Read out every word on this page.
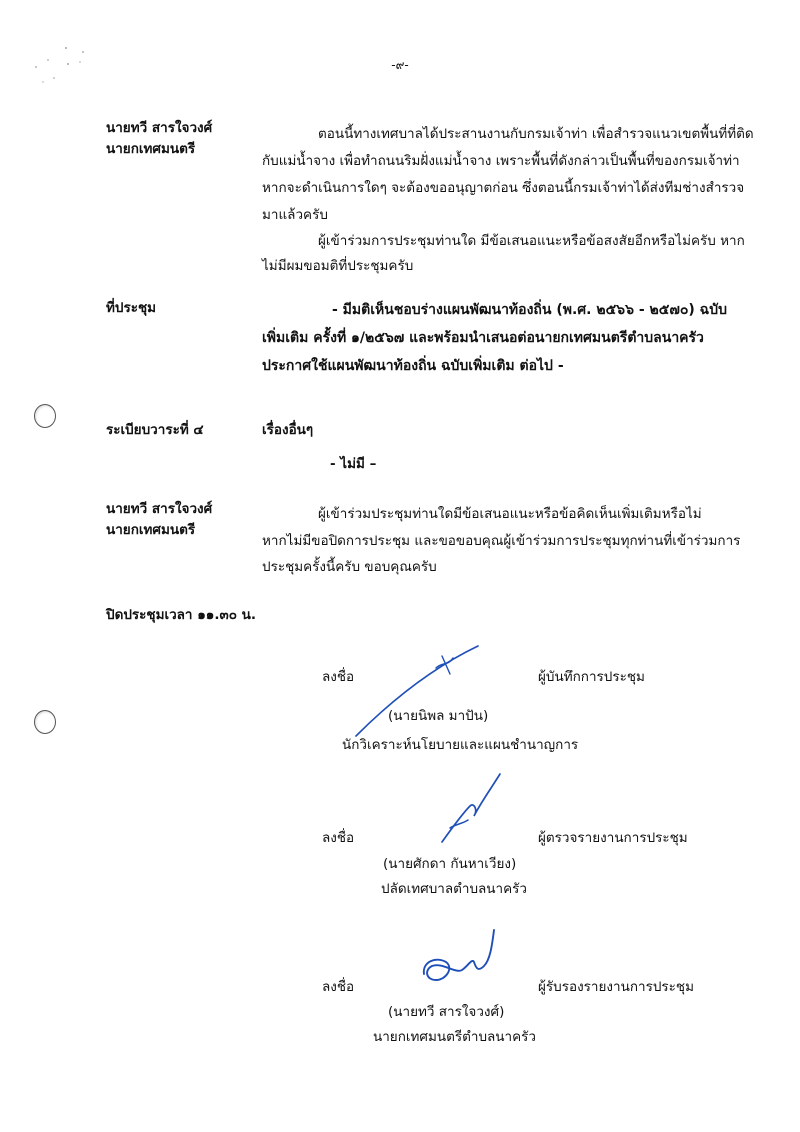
-๙-
นายทวี สารใจวงศ์
นายกเทศมนตรี
ตอนนี้ทางเทศบาลได้ประสานงานกับกรมเจ้าท่า เพื่อสำรวจแนวเขตพื้นที่ที่ติด
กับแม่น้ำจาง เพื่อทำถนนริมฝั่งแม่น้ำจาง เพราะพื้นที่ดังกล่าวเป็นพื้นที่ของกรมเจ้าท่า
หากจะดำเนินการใดๆ จะต้องขออนุญาตก่อน ซึ่งตอนนี้กรมเจ้าท่าได้ส่งทีมช่างสำรวจ
มาแล้วครับ
ผู้เข้าร่วมการประชุมท่านใด มีข้อเสนอแนะหรือข้อสงสัยอีกหรือไม่ครับ หาก
ไม่มีผมขอมติที่ประชุมครับ
ที่ประชุม	- มีมติเห็นชอบร่างแผนพัฒนาท้องถิ่น (พ.ศ. ๒๕๖๖ - ๒๕๗๐) ฉบับ
เพิ่มเติม ครั้งที่ ๑/๒๕๖๗ และพร้อมนำเสนอต่อนายกเทศมนตรีตำบลนาครัว
ประกาศใช้แผนพัฒนาท้องถิ่น ฉบับเพิ่มเติม ต่อไป -
ระเบียบวาระที่ ๔	เรื่องอื่นๆ
- ไม่มี –
นายทวี สารใจวงศ์
นายกเทศมนตรี
ผู้เข้าร่วมประชุมท่านใดมีข้อเสนอแนะหรือข้อคิดเห็นเพิ่มเติมหรือไม่
หากไม่มีขอปิดการประชุม และขอขอบคุณผู้เข้าร่วมการประชุมทุกท่านที่เข้าร่วมการ
ประชุมครั้งนี้ครับ ขอบคุณครับ
ปิดประชุมเวลา ๑๑.๓๐ น.
ลงชื่อ	ผู้บันทึกการประชุม
(นายนิพล มาปัน)
นักวิเคราะห์นโยบายและแผนชำนาญการ
ลงชื่อ	ผู้ตรวจรายงานการประชุม
(นายศักดา กันหาเวียง)
ปลัดเทศบาลตำบลนาครัว
ลงชื่อ	ผู้รับรองรายงานการประชุม
(นายทวี สารใจวงศ์)
นายกเทศมนตรีตำบลนาครัว
